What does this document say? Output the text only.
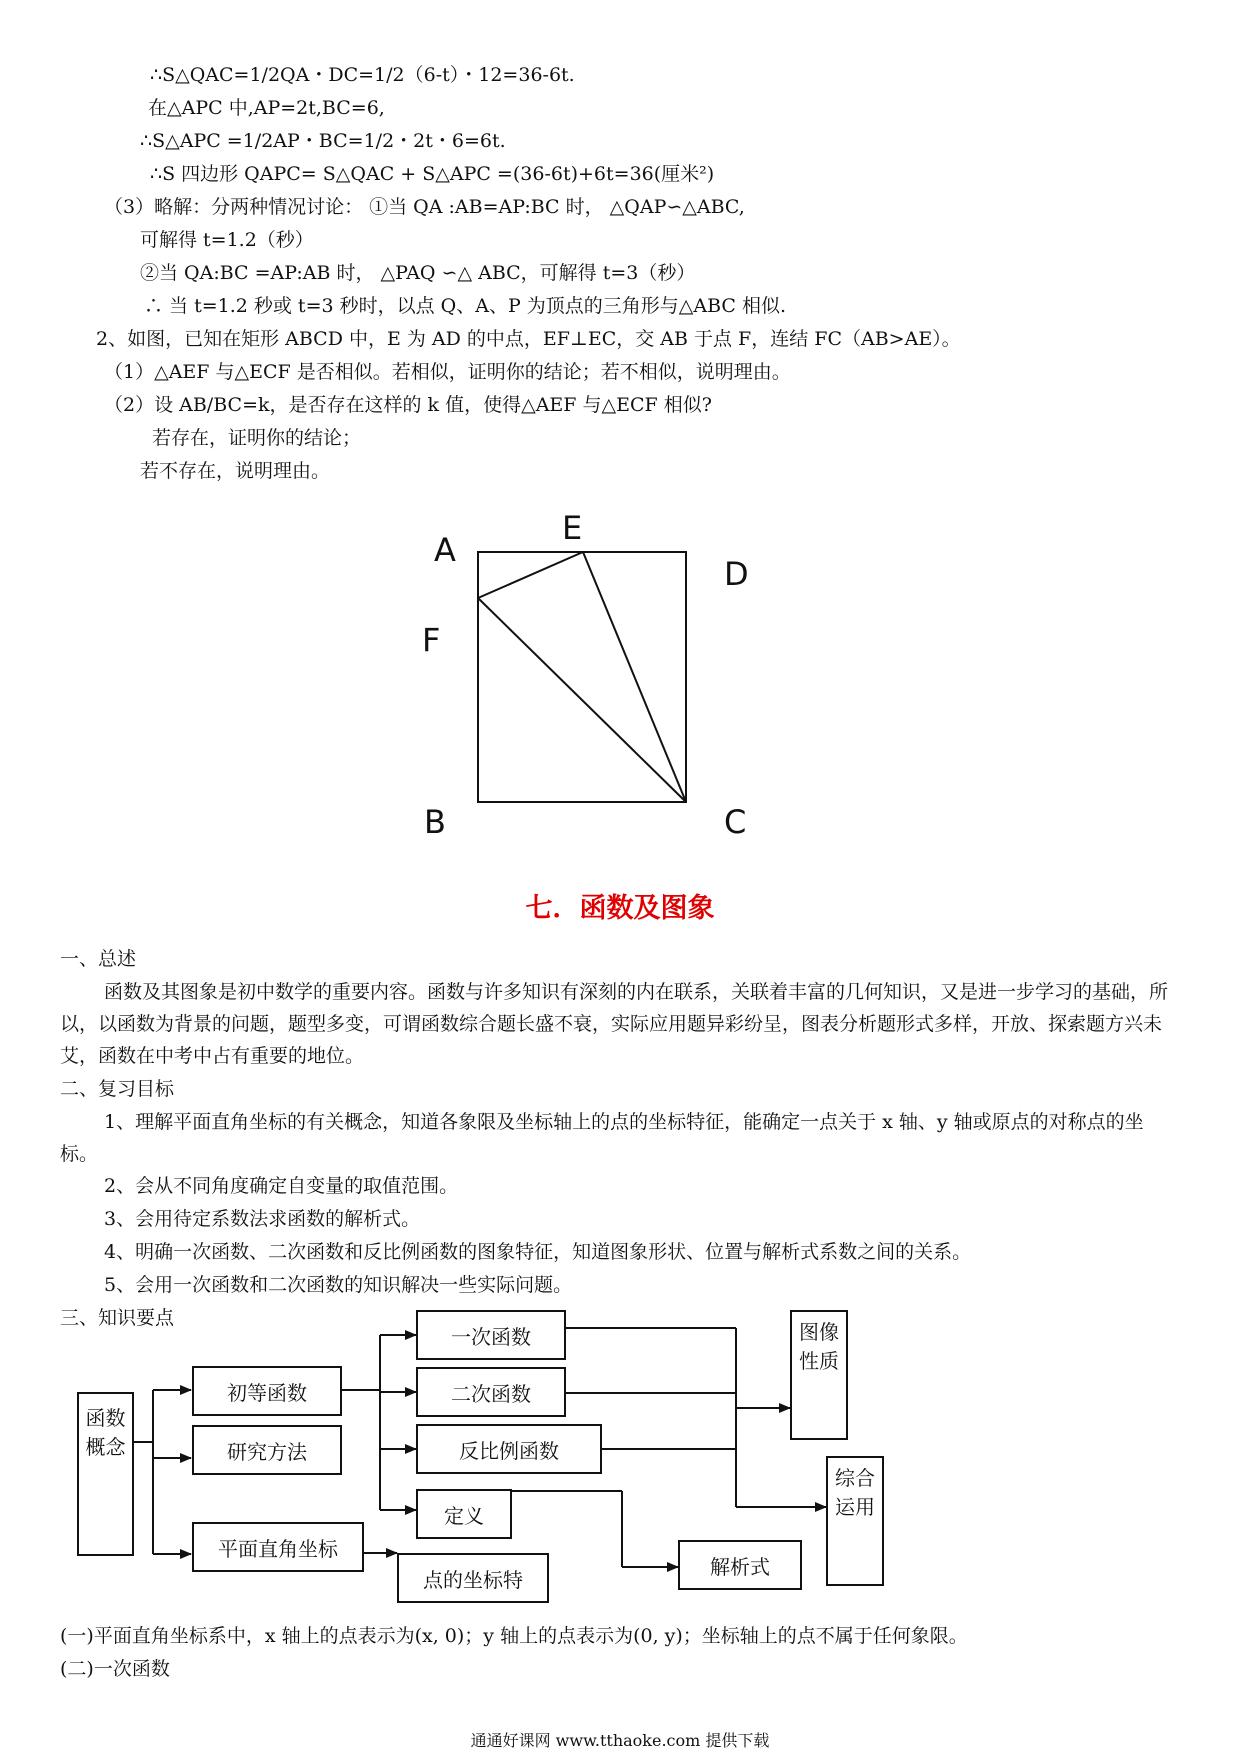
∴S△QAC=1/2QA・DC=1/2（6-t）・12=36-6t.
在△APC 中,AP=2t,BC=6,
∴S△APC =1/2AP・BC=1/2・2t・6=6t.
∴S 四边形 QAPC= S△QAC + S△APC =(36-6t)+6t=36(厘米²)
（3）略解：分两种情况讨论： ①当 QA :AB=AP:BC 时， △QAP∽△ABC,
可解得 t=1.2（秒）
②当 QA:BC =AP:AB 时， △PAQ ∽△ ABC，可解得 t=3（秒）
∴ 当 t=1.2 秒或 t=3 秒时，以点 Q、A、P 为顶点的三角形与△ABC 相似.
2、如图，已知在矩形 ABCD 中，E 为 AD 的中点，EF⊥EC，交 AB 于点 F，连结 FC（AB>AE）。
（1）△AEF 与△ECF 是否相似。若相似，证明你的结论；若不相似，说明理由。
（2）设 AB/BC=k，是否存在这样的 k 值，使得△AEF 与△ECF 相似?
若存在，证明你的结论；
若不存在，说明理由。
A
E
D
F
B	C
七．函数及图象
一、总述
函数及其图象是初中数学的重要内容。函数与许多知识有深刻的内在联系，关联着丰富的几何知识，又是进一步学习的基础，所以，以函数为背景的问题，题型多变，可谓函数综合题长盛不衰，实际应用题异彩纷呈，图表分析题形式多样，开放、探索题方兴未艾，函数在中考中占有重要的地位。
二、复习目标
1、理解平面直角坐标的有关概念，知道各象限及坐标轴上的点的坐标特征，能确定一点关于 x 轴、y 轴或原点的对称点的坐标。
2、会从不同角度确定自变量的取值范围。
3、会用待定系数法求函数的解析式。
4、明确一次函数、二次函数和反比例函数的图象特征，知道图象形状、位置与解析式系数之间的关系。
5、会用一次函数和二次函数的知识解决一些实际问题。
三、知识要点
函数概念
初等函数
研究方法
平面直角坐标
一次函数
二次函数
反比例函数
定义
点的坐标特
解析式
图像性质
综合运用
(一)平面直角坐标系中，x 轴上的点表示为(x, 0)；y 轴上的点表示为(0, y)；坐标轴上的点不属于任何象限。
(二)一次函数
通通好课网 www.tthaoke.com 提供下载
